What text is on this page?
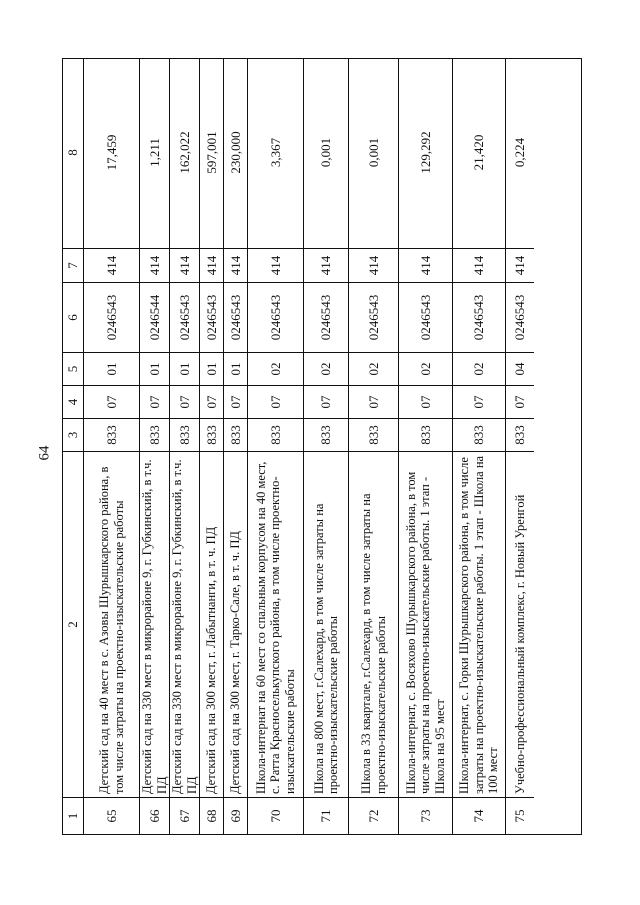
64
1
2
3
4
5
6
7
8
65
Детский сад на 40 мест в с. Азовы Шурышкарского района, в том числе затраты на проектно-изыскательские работы
833
07
01
0246543
414
17,459
66
Детский сад на 330 мест в микрорайоне 9, г. Губкинский, в т.ч. ПД
833
07
01
0246544
414
1,211
67
Детский сад на 330 мест в микрорайоне 9, г. Губкинский, в т.ч. ПД
833
07
01
0246543
414
162,022
68
Детский сад на 300 мест, г. Лабытнанги, в т. ч. ПД
833
07
01
0246543
414
597,001
69
Детский сад на 300 мест, г. Тарко-Сале, в т. ч. ПД
833
07
01
0246543
414
230,000
70
Школа-интернат на 60 мест со спальным корпусом на 40 мест, с. Ратта Красноселькупского района, в том числе проектно-изыскательские работы
833
07
02
0246543
414
3,367
71
Школа на 800 мест, г.Салехард, в том числе затраты на проектно-изыскательские работы
833
07
02
0246543
414
0,001
72
Школа в 33 квартале, г.Салехард, в том числе затраты на проектно-изыскательские работы
833
07
02
0246543
414
0,001
73
Школа-интернат, с. Восяхово Шурышкарского района, в том числе затраты на проектно-изыскательские работы. 1 этап - Школа на 95 мест
833
07
02
0246543
414
129,292
74
Школа-интернат, с. Горки Шурышкарского района, в том числе затраты на проектно-изыскательские работы. 1 этап - Школа на 100 мест
833
07
02
0246543
414
21,420
75
Учебно-профессиональный комплекс, г. Новый Уренгой
833
07
04
0246543
414
0,224
